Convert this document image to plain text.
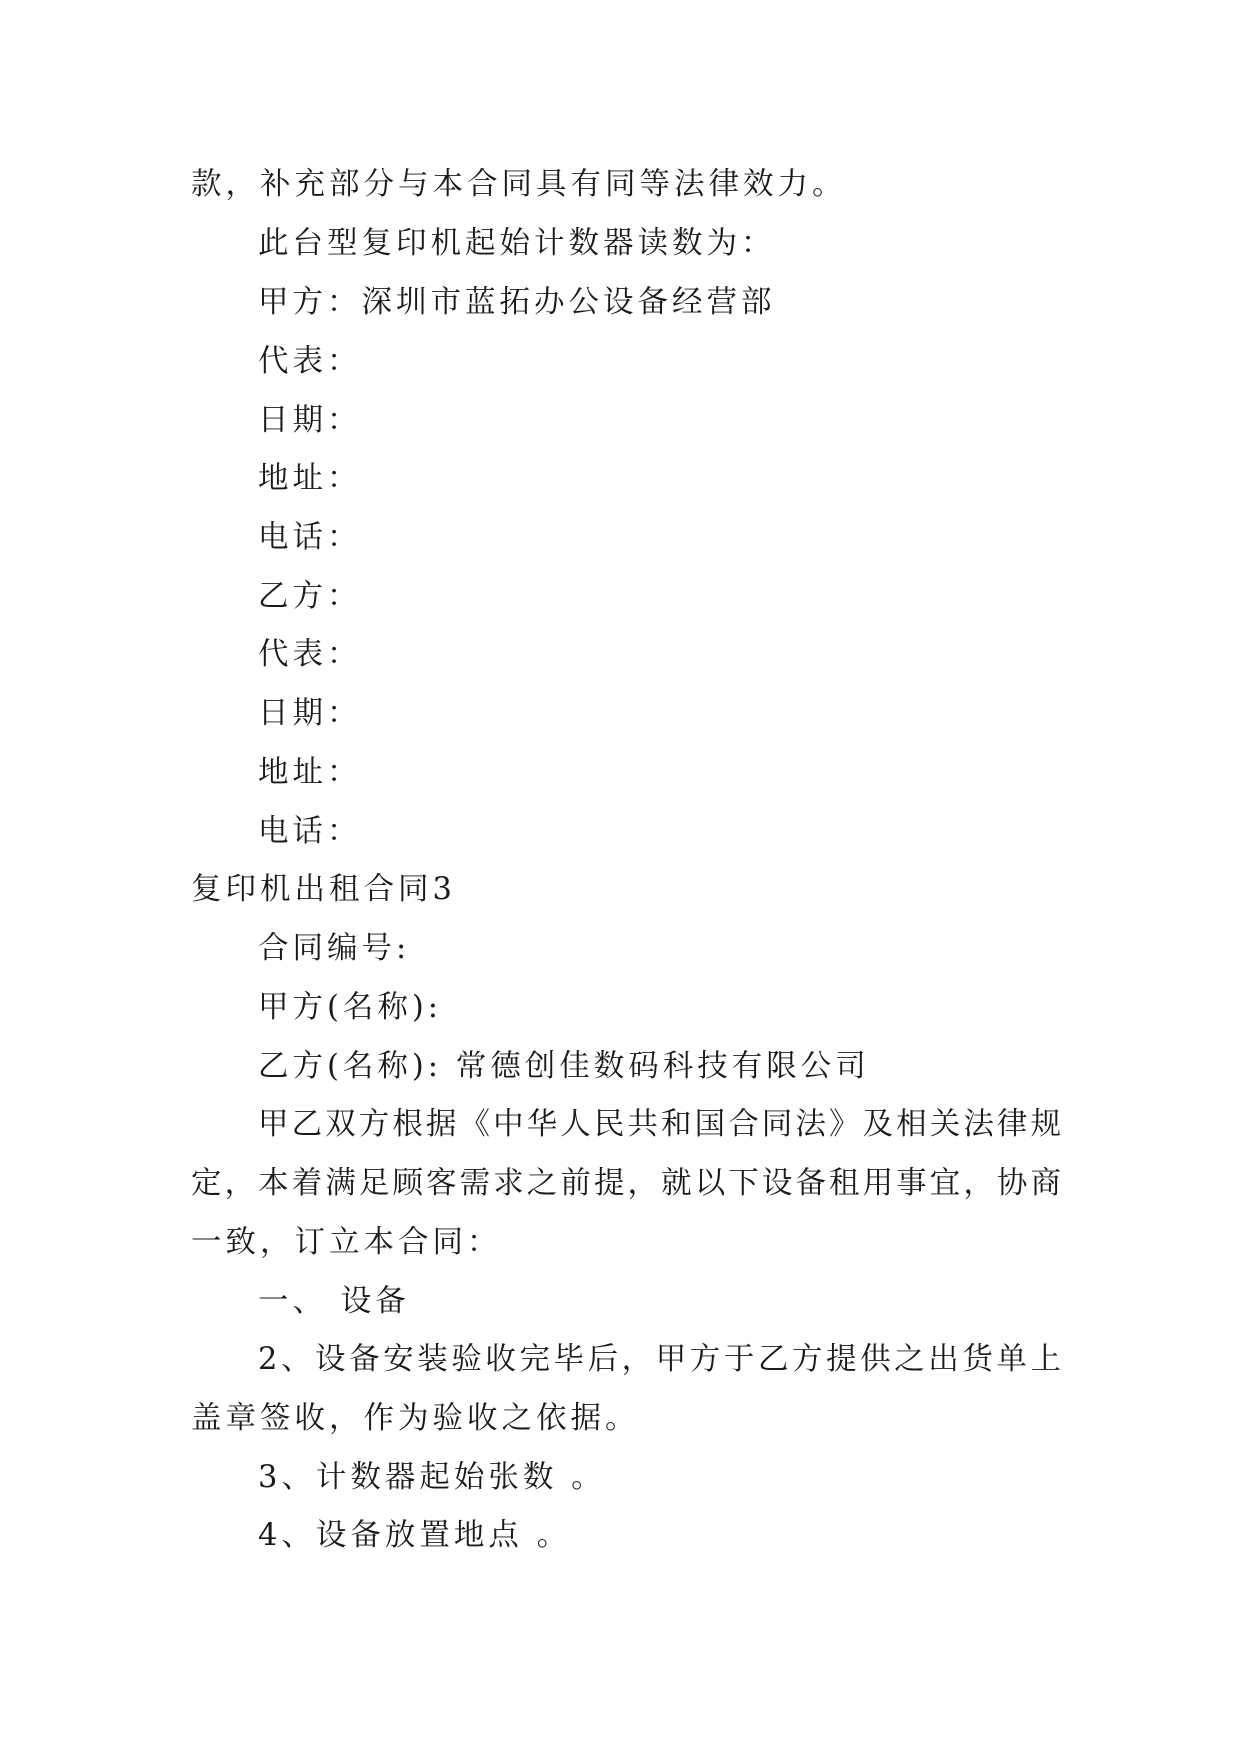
款，补充部分与本合同具有同等法律效力。
此台型复印机起始计数器读数为：
甲方：深圳市蓝拓办公设备经营部
代表：
日期：
地址：
电话：
乙方：
代表：
日期：
地址：
电话：
复印机出租合同3
合同编号:
甲方(名称):
乙方(名称): 常德创佳数码科技有限公司
甲乙双方根据《中华人民共和国合同法》及相关法律规
定，本着满足顾客需求之前提，就以下设备租用事宜，协商
一致，订立本合同：
一、 设备
2、设备安装验收完毕后，甲方于乙方提供之出货单上
盖章签收，作为验收之依据。
3、计数器起始张数 。
4、设备放置地点 。
